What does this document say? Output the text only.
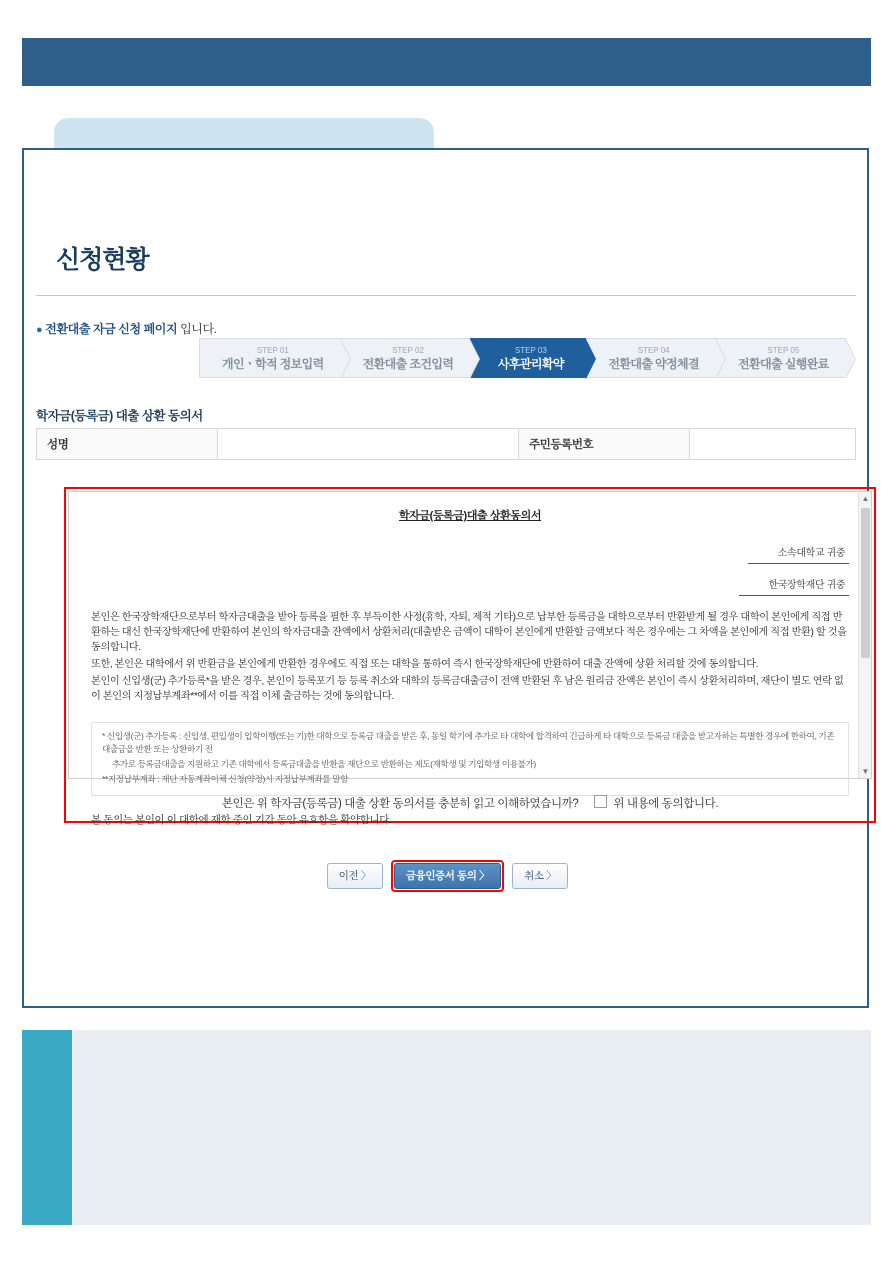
신청현황
● 전환대출 자금 신청 페이지 입니다.
STEP 01
개인ㆍ학적 정보입력
STEP 02
전환대출 조건입력
STEP 03
사후관리확약
STEP 04
전환대출 약정체결
STEP 05
전환대출 실행완료
학자금(등록금) 대출 상환 동의서
성명		주민등록번호	
학자금(등록금)대출 상환동의서
소속대학교 귀중
한국장학재단 귀중

본인은 한국장학재단으로부터 학자금대출을 받아 등록을 필한 후 부득이한 사정(휴학, 자퇴, 제적 기타)으로 납부한 등록금을 대학으로부터 반환받게 될 경우 대학이 본인에게 직접 반환하는 대신 한국장학재단에 반환하여 본인의 학자금대출 잔액에서 상환처리(대출받은 금액이 대학이 본인에게 반환할 금액보다 적은 경우에는 그 차액을 본인에게 직접 반환) 할 것을 동의합니다.

또한, 본인은 대학에서 위 반환금을 본인에게 반환한 경우에도 직접 또는 대학을 통하여 즉시 한국장학재단에 반환하여 대출 잔액에 상환 처리할 것에 동의합니다.

본인이 신입생(군) 추가등록*을 받은 경우, 본인이 등록포기 등 등록 취소와 대학의 등록금대출금이 전액 반환된 후 남은 원리금 잔액은 본인이 즉시 상환처리하며, 재단이 별도 연락 없이 본인의 지정납부계좌**에서 이를 직접 이체 출금하는 것에 동의합니다.

* 신입생(군) 추가등록 : 신입생, 편입생이 입학이행(또는 기)한 대학으로 등록금 대출을 받은 후, 동일 학기에 추가로 타 대학에 합격하여 긴급하게 타 대학으로 등록금 대출을 받고자하는 특별한 경우에 한하여, 기존 대출금을 반환 또는 상환하기 전

추가로 등록금대출을 지원하고 기존 대학에서 등록금대출을 반환을 재단으로 반환하는 제도(재학생 및 기입학생 이용불가)

**지정납부계좌 : 재단 자동계좌이체 신청(약정)시 지정납부계좌를 말함

본 동의는 본인이 이 대학에 재학 중인 기간 동안 유효함을 확약합니다.
▲
▼
본인은 위 학자금(등록금) 대출 상환 동의서를 충분히 읽고 이해하였습니까?	위 내용에 동의합니다.
이전 〉	금융인증서 동의 〉	취소 〉
